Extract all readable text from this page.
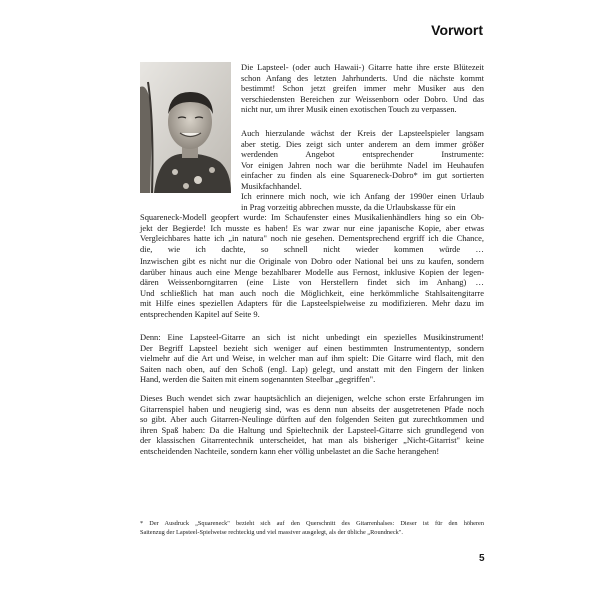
Vorwort
Die Lapsteel- (oder auch Hawaii-) Gitarre hatte ihre erste Blütezeit
schon Anfang des letzten Jahrhunderts. Und die nächste kommt
bestimmt! Schon jetzt greifen immer mehr Musiker aus den
verschiedensten Bereichen zur Weissenborn oder Dobro. Und das
nicht nur, um ihrer Musik einen exotischen Touch zu verpassen.
Auch hierzulande wächst der Kreis der Lapsteelspieler langsam
aber stetig. Dies zeigt sich unter anderem an dem immer größer
werdenden Angebot entsprechender Instrumente:
Vor einigen Jahren noch war die berühmte Nadel im Heuhaufen
einfacher zu finden als eine Squareneck-Dobro* im gut sortierten
Musikfachhandel.
Ich erinnere mich noch, wie ich Anfang der 1990er einen Urlaub
in Prag vorzeitig abbrechen musste, da die Urlaubskasse für ein
Squareneck-Modell geopfert wurde: Im Schaufenster eines Musikalienhändlers hing so ein Ob-
jekt der Begierde! Ich musste es haben! Es war zwar nur eine japanische Kopie, aber etwas
Vergleichbares hatte ich „in natura" noch nie gesehen. Dementsprechend ergriff ich die Chance,
die, wie ich dachte, so schnell nicht wieder kommen würde …
Inzwischen gibt es nicht nur die Originale von Dobro oder National bei uns zu kaufen, sondern
darüber hinaus auch eine Menge bezahlbarer Modelle aus Fernost, inklusive Kopien der legen-
dären Weissenborngitarren (eine Liste von Herstellern findet sich im Anhang) …
Und schließlich hat man auch noch die Möglichkeit, eine herkömmliche Stahlsaitengitarre
mit Hilfe eines speziellen Adapters für die Lapsteelspielweise zu modifizieren. Mehr dazu im
entsprechenden Kapitel auf Seite 9.
Denn: Eine Lapsteel-Gitarre an sich ist nicht unbedingt ein spezielles Musikinstrument!
Der Begriff Lapsteel bezieht sich weniger auf einen bestimmten Instrumententyp, sondern
vielmehr auf die Art und Weise, in welcher man auf ihm spielt: Die Gitarre wird flach, mit den
Saiten nach oben, auf den Schoß (engl. Lap) gelegt, und anstatt mit den Fingern der linken
Hand, werden die Saiten mit einem sogenannten Steelbar „gegriffen".
Dieses Buch wendet sich zwar hauptsächlich an diejenigen, welche schon erste Erfahrungen im
Gitarrenspiel haben und neugierig sind, was es denn nun abseits der ausgetretenen Pfade noch
so gibt. Aber auch Gitarren-Neulinge dürften auf den folgenden Seiten gut zurechtkommen und
ihren Spaß haben: Da die Haltung und Spieltechnik der Lapsteel-Gitarre sich grundlegend von
der klassischen Gitarrentechnik unterscheidet, hat man als bisheriger „Nicht-Gitarrist" keine
entscheidenden Nachteile, sondern kann eher völlig unbelastet an die Sache herangehen!
* Der Ausdruck „Squareneck" bezieht sich auf den Querschnitt des Gitarrenhalses: Dieser ist für den höheren
Saitenzug der Lapsteel-Spielweise rechteckig und viel massiver ausgelegt, als der übliche „Roundneck".
5
